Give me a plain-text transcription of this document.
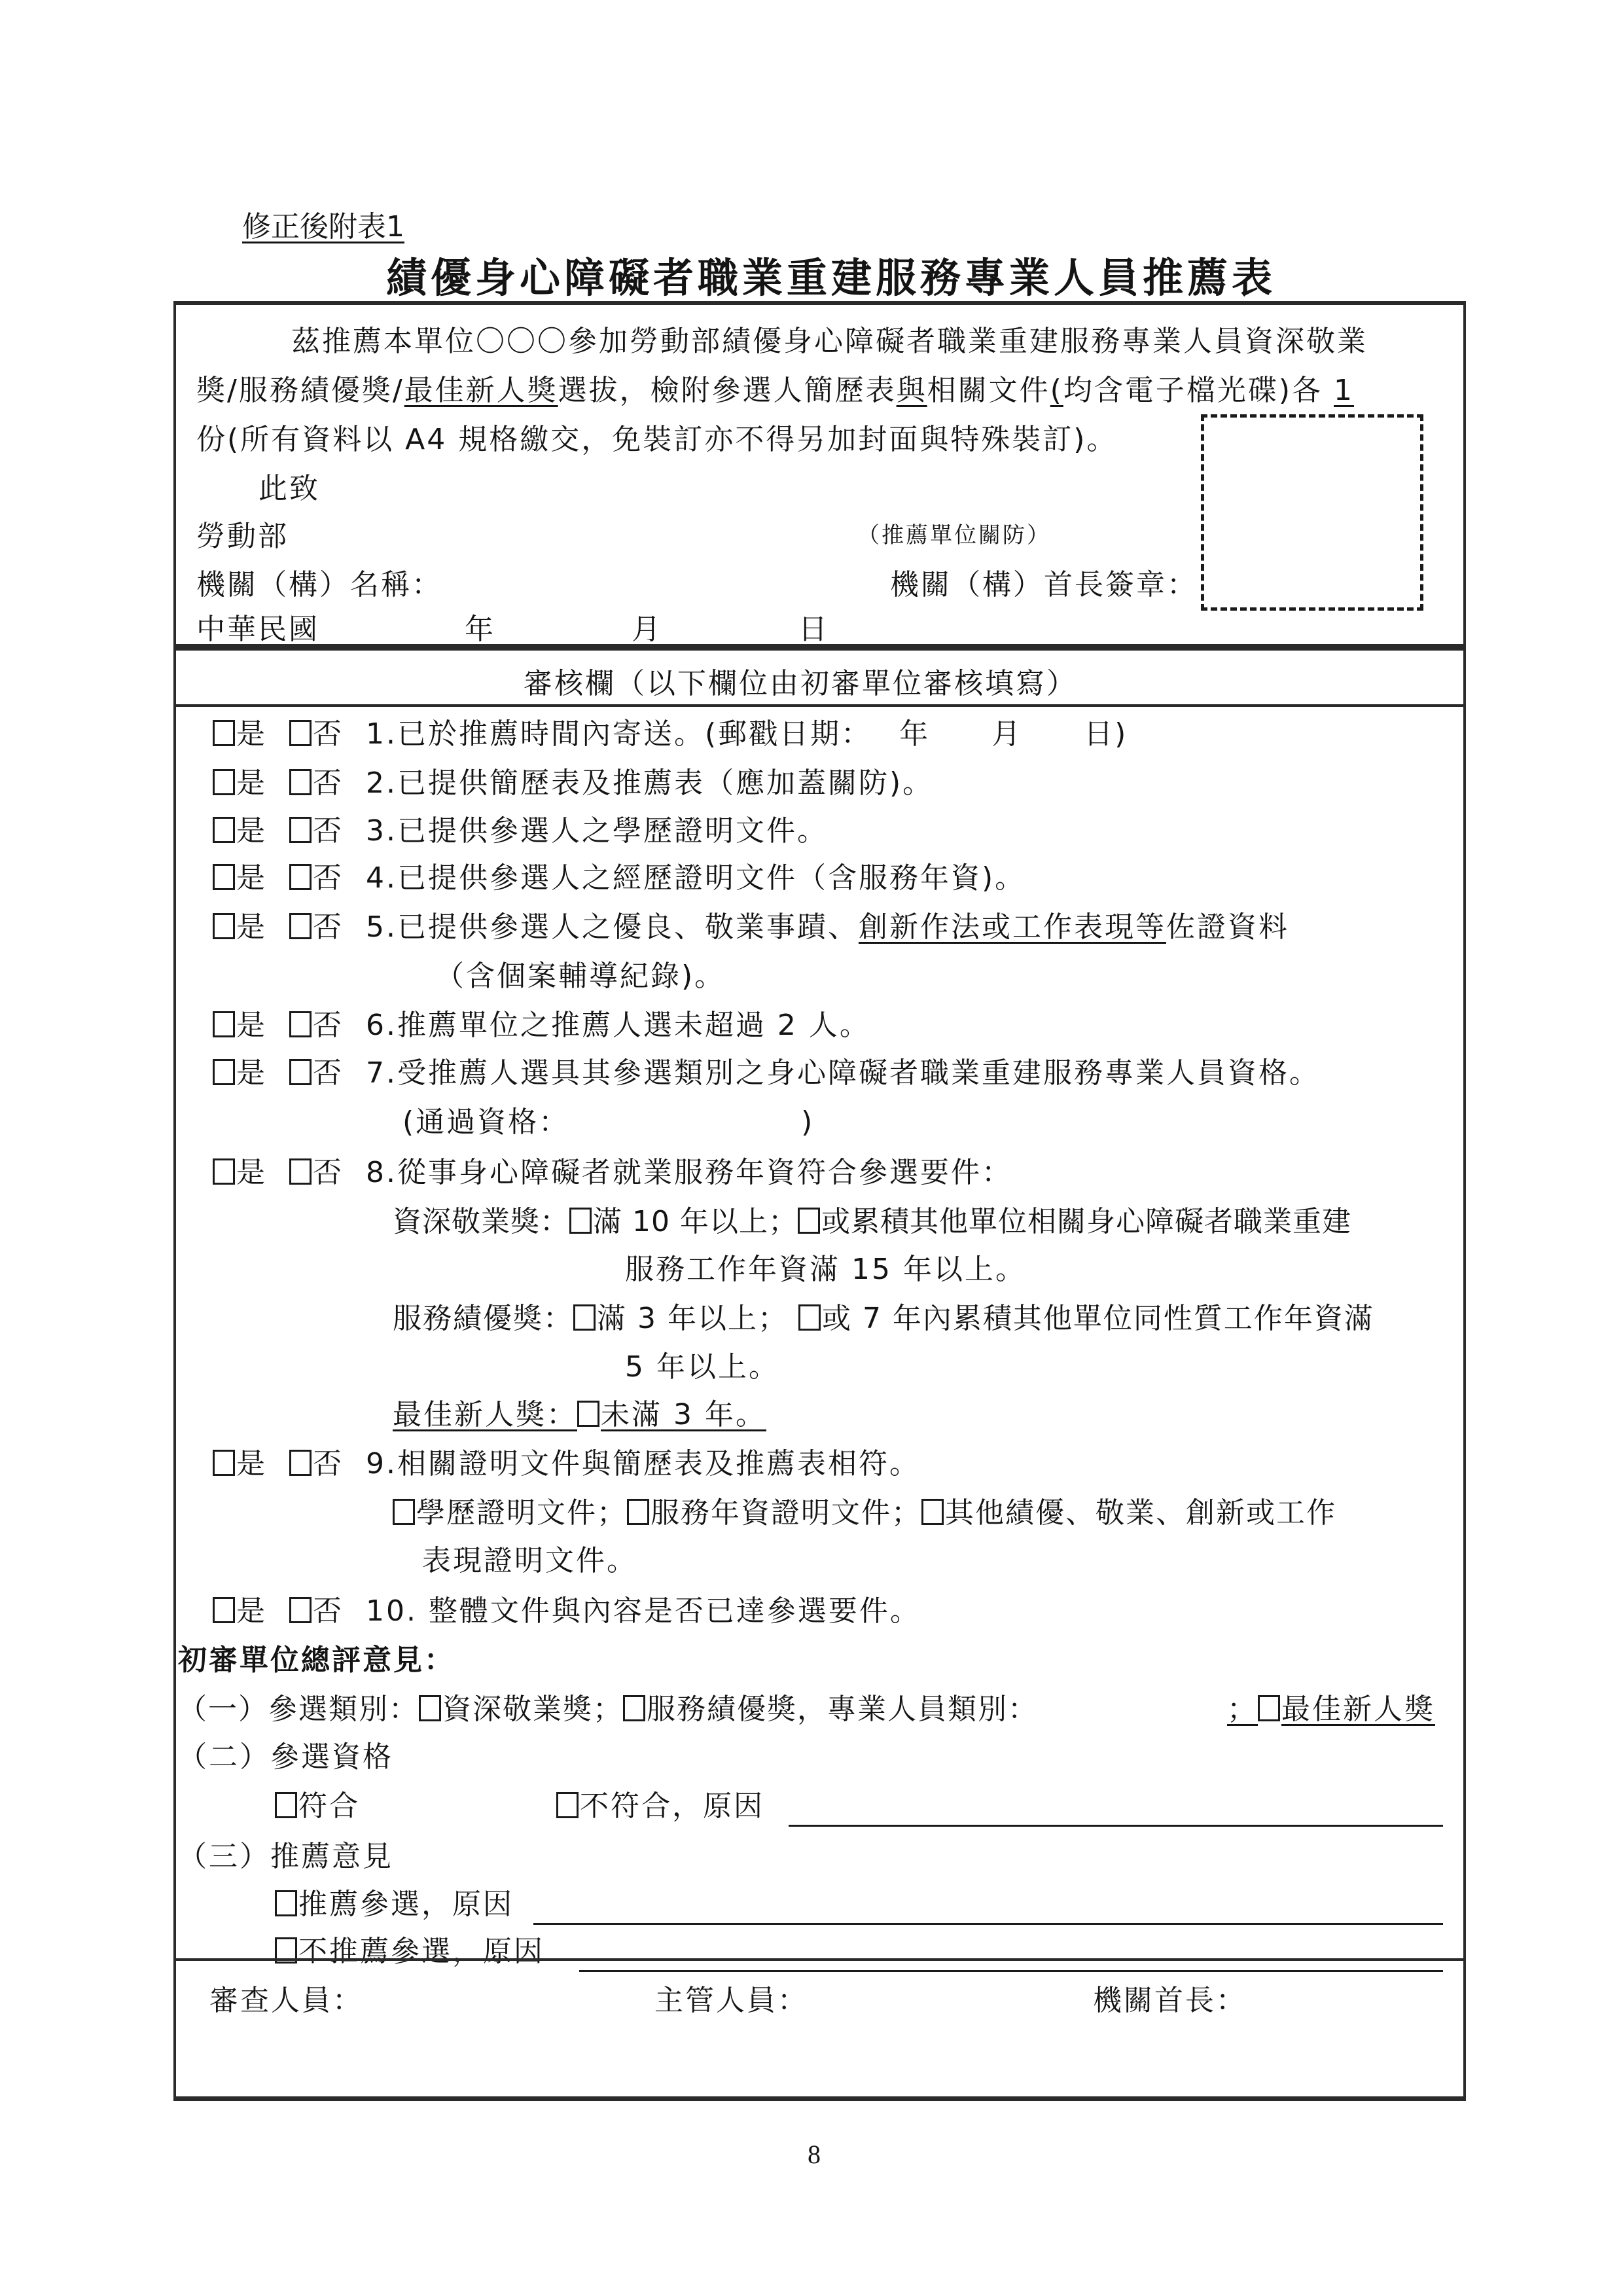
修正後附表1
績優身心障礙者職業重建服務專業人員推薦表
茲推薦本單位〇〇〇參加勞動部績優身心障礙者職業重建服務專業人員資深敬業
獎/服務績優獎/最佳新人獎選拔，檢附參選人簡歷表與相關文件(均含電子檔光碟)各 1
份(所有資料以 A4 規格繳交，免裝訂亦不得另加封面與特殊裝訂)。
此致
勞動部	（推薦單位關防）
機關（構）名稱：	機關（構）首長簽章：
中華民國	年	月	日
審核欄（以下欄位由初審單位審核填寫）
是 否 1.已於推薦時間內寄送。(郵戳日期：　 年　　月　　日)
是 否 2.已提供簡歷表及推薦表（應加蓋關防)。
是 否 3.已提供參選人之學歷證明文件。
是 否 4.已提供參選人之經歷證明文件（含服務年資)。
是 否 5.已提供參選人之優良、敬業事蹟、創新作法或工作表現等佐證資料
（含個案輔導紀錄)。
是 否 6.推薦單位之推薦人選未超過 2 人。
是 否 7.受推薦人選具其參選類別之身心障礙者職業重建服務專業人員資格。
(通過資格：　　　　　　　　)
是 否 8.從事身心障礙者就業服務年資符合參選要件：
資深敬業獎： 滿 10 年以上； 或累積其他單位相關身心障礙者職業重建
服務工作年資滿 15 年以上。
服務績優獎： 滿 3 年以上； 或 7 年內累積其他單位同性質工作年資滿
5 年以上。
最佳新人獎： 未滿 3 年。
是 否 9.相關證明文件與簡歷表及推薦表相符。
學歷證明文件； 服務年資證明文件； 其他績優、敬業、創新或工作
表現證明文件。
是 否 10. 整體文件與內容是否已達參選要件。
初審單位總評意見：
（一）參選類別： 資深敬業獎； 服務績優獎，專業人員類別：	； 最佳新人獎
（二）參選資格
符合	不符合，原因
（三）推薦意見
推薦參選，原因
不推薦參選，原因
審查人員：	主管人員：	機關首長：
8
